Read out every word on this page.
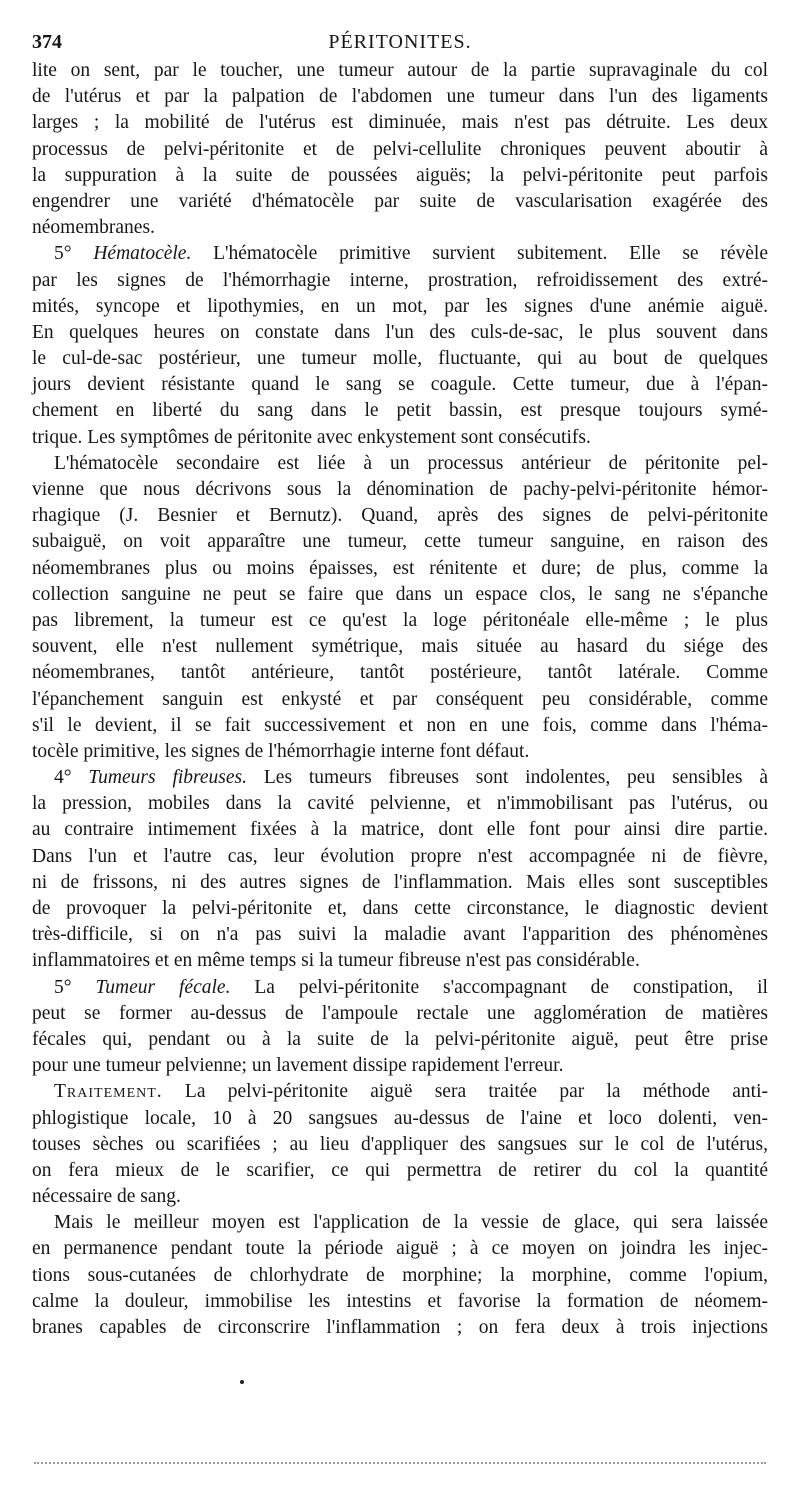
374	PÉRITONITES.
lite on sent, par le toucher, une tumeur autour de la partie supravaginale du col
de l'utérus et par la palpation de l'abdomen une tumeur dans l'un des ligaments
larges ; la mobilité de l'utérus est diminuée, mais n'est pas détruite. Les deux
processus de pelvi-péritonite et de pelvi-cellulite chroniques peuvent aboutir à
la suppuration à la suite de poussées aiguës; la pelvi-péritonite peut parfois
engendrer une variété d'hématocèle par suite de vascularisation exagérée des
néomembranes.
5° Hématocèle. L'hématocèle primitive survient subitement. Elle se révèle
par les signes de l'hémorrhagie interne, prostration, refroidissement des extré-
mités, syncope et lipothymies, en un mot, par les signes d'une anémie aiguë.
En quelques heures on constate dans l'un des culs-de-sac, le plus souvent dans
le cul-de-sac postérieur, une tumeur molle, fluctuante, qui au bout de quelques
jours devient résistante quand le sang se coagule. Cette tumeur, due à l'épan-
chement en liberté du sang dans le petit bassin, est presque toujours symé-
trique. Les symptômes de péritonite avec enkystement sont consécutifs.
L'hématocèle secondaire est liée à un processus antérieur de péritonite pel-
vienne que nous décrivons sous la dénomination de pachy-pelvi-péritonite hémor-
rhagique (J. Besnier et Bernutz). Quand, après des signes de pelvi-péritonite
subaiguë, on voit apparaître une tumeur, cette tumeur sanguine, en raison des
néomembranes plus ou moins épaisses, est rénitente et dure; de plus, comme la
collection sanguine ne peut se faire que dans un espace clos, le sang ne s'épanche
pas librement, la tumeur est ce qu'est la loge péritonéale elle-même ; le plus
souvent, elle n'est nullement symétrique, mais située au hasard du siége des
néomembranes, tantôt antérieure, tantôt postérieure, tantôt latérale. Comme
l'épanchement sanguin est enkysté et par conséquent peu considérable, comme
s'il le devient, il se fait successivement et non en une fois, comme dans l'héma-
tocèle primitive, les signes de l'hémorrhagie interne font défaut.
4° Tumeurs fibreuses. Les tumeurs fibreuses sont indolentes, peu sensibles à
la pression, mobiles dans la cavité pelvienne, et n'immobilisant pas l'utérus, ou
au contraire intimement fixées à la matrice, dont elle font pour ainsi dire partie.
Dans l'un et l'autre cas, leur évolution propre n'est accompagnée ni de fièvre,
ni de frissons, ni des autres signes de l'inflammation. Mais elles sont susceptibles
de provoquer la pelvi-péritonite et, dans cette circonstance, le diagnostic devient
très-difficile, si on n'a pas suivi la maladie avant l'apparition des phénomènes
inflammatoires et en même temps si la tumeur fibreuse n'est pas considérable.
5° Tumeur fécale. La pelvi-péritonite s'accompagnant de constipation, il
peut se former au-dessus de l'ampoule rectale une agglomération de matières
fécales qui, pendant ou à la suite de la pelvi-péritonite aiguë, peut être prise
pour une tumeur pelvienne; un lavement dissipe rapidement l'erreur.
Traitement. La pelvi-péritonite aiguë sera traitée par la méthode anti-
phlogistique locale, 10 à 20 sangsues au-dessus de l'aine et loco dolenti, ven-
touses sèches ou scarifiées ; au lieu d'appliquer des sangsues sur le col de l'utérus,
on fera mieux de le scarifier, ce qui permettra de retirer du col la quantité
nécessaire de sang.
Mais le meilleur moyen est l'application de la vessie de glace, qui sera laissée
en permanence pendant toute la période aiguë ; à ce moyen on joindra les injec-
tions sous-cutanées de chlorhydrate de morphine; la morphine, comme l'opium,
calme la douleur, immobilise les intestins et favorise la formation de néomem-
branes capables de circonscrire l'inflammation ; on fera deux à trois injections
